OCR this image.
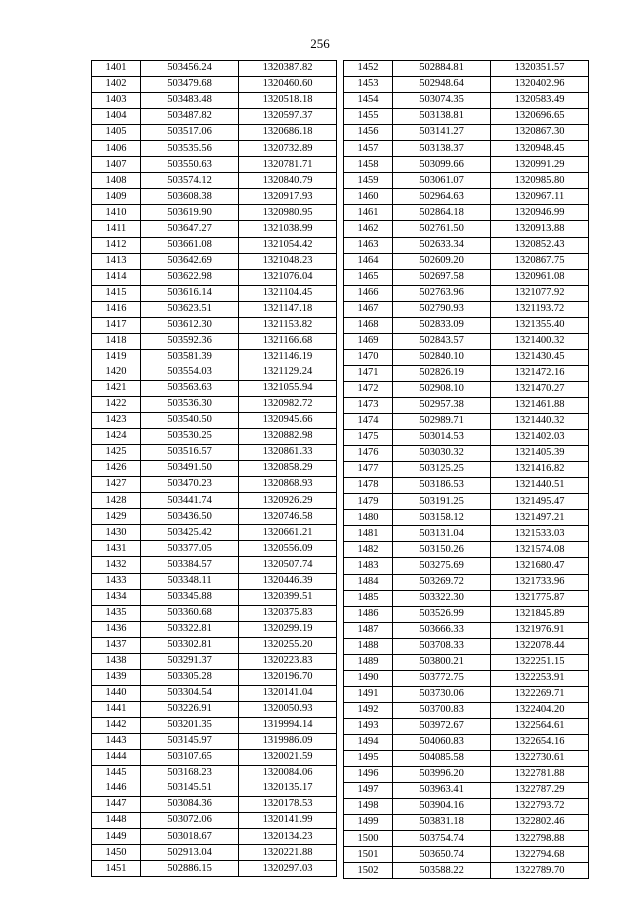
256
1401	503456.24	1320387.82
1402	503479.68	1320460.60
1403	503483.48	1320518.18
1404	503487.82	1320597.37
1405	503517.06	1320686.18
1406	503535.56	1320732.89
1407	503550.63	1320781.71
1408	503574.12	1320840.79
1409	503608.38	1320917.93
1410	503619.90	1320980.95
1411	503647.27	1321038.99
1412	503661.08	1321054.42
1413	503642.69	1321048.23
1414	503622.98	1321076.04
1415	503616.14	1321104.45
1416	503623.51	1321147.18
1417	503612.30	1321153.82
1418	503592.36	1321166.68
1419	503581.39	1321146.19
1420	503554.03	1321129.24
1421	503563.63	1321055.94
1422	503536.30	1320982.72
1423	503540.50	1320945.66
1424	503530.25	1320882.98
1425	503516.57	1320861.33
1426	503491.50	1320858.29
1427	503470.23	1320868.93
1428	503441.74	1320926.29
1429	503436.50	1320746.58
1430	503425.42	1320661.21
1431	503377.05	1320556.09
1432	503384.57	1320507.74
1433	503348.11	1320446.39
1434	503345.88	1320399.51
1435	503360.68	1320375.83
1436	503322.81	1320299.19
1437	503302.81	1320255.20
1438	503291.37	1320223.83
1439	503305.28	1320196.70
1440	503304.54	1320141.04
1441	503226.91	1320050.93
1442	503201.35	1319994.14
1443	503145.97	1319986.09
1444	503107.65	1320021.59
1445	503168.23	1320084.06
1446	503145.51	1320135.17
1447	503084.36	1320178.53
1448	503072.06	1320141.99
1449	503018.67	1320134.23
1450	502913.04	1320221.88
1451	502886.15	1320297.03
1452	502884.81	1320351.57
1453	502948.64	1320402.96
1454	503074.35	1320583.49
1455	503138.81	1320696.65
1456	503141.27	1320867.30
1457	503138.37	1320948.45
1458	503099.66	1320991.29
1459	503061.07	1320985.80
1460	502964.63	1320967.11
1461	502864.18	1320946.99
1462	502761.50	1320913.88
1463	502633.34	1320852.43
1464	502609.20	1320867.75
1465	502697.58	1320961.08
1466	502763.96	1321077.92
1467	502790.93	1321193.72
1468	502833.09	1321355.40
1469	502843.57	1321400.32
1470	502840.10	1321430.45
1471	502826.19	1321472.16
1472	502908.10	1321470.27
1473	502957.38	1321461.88
1474	502989.71	1321440.32
1475	503014.53	1321402.03
1476	503030.32	1321405.39
1477	503125.25	1321416.82
1478	503186.53	1321440.51
1479	503191.25	1321495.47
1480	503158.12	1321497.21
1481	503131.04	1321533.03
1482	503150.26	1321574.08
1483	503275.69	1321680.47
1484	503269.72	1321733.96
1485	503322.30	1321775.87
1486	503526.99	1321845.89
1487	503666.33	1321976.91
1488	503708.33	1322078.44
1489	503800.21	1322251.15
1490	503772.75	1322253.91
1491	503730.06	1322269.71
1492	503700.83	1322404.20
1493	503972.67	1322564.61
1494	504060.83	1322654.16
1495	504085.58	1322730.61
1496	503996.20	1322781.88
1497	503963.41	1322787.29
1498	503904.16	1322793.72
1499	503831.18	1322802.46
1500	503754.74	1322798.88
1501	503650.74	1322794.68
1502	503588.22	1322789.70
